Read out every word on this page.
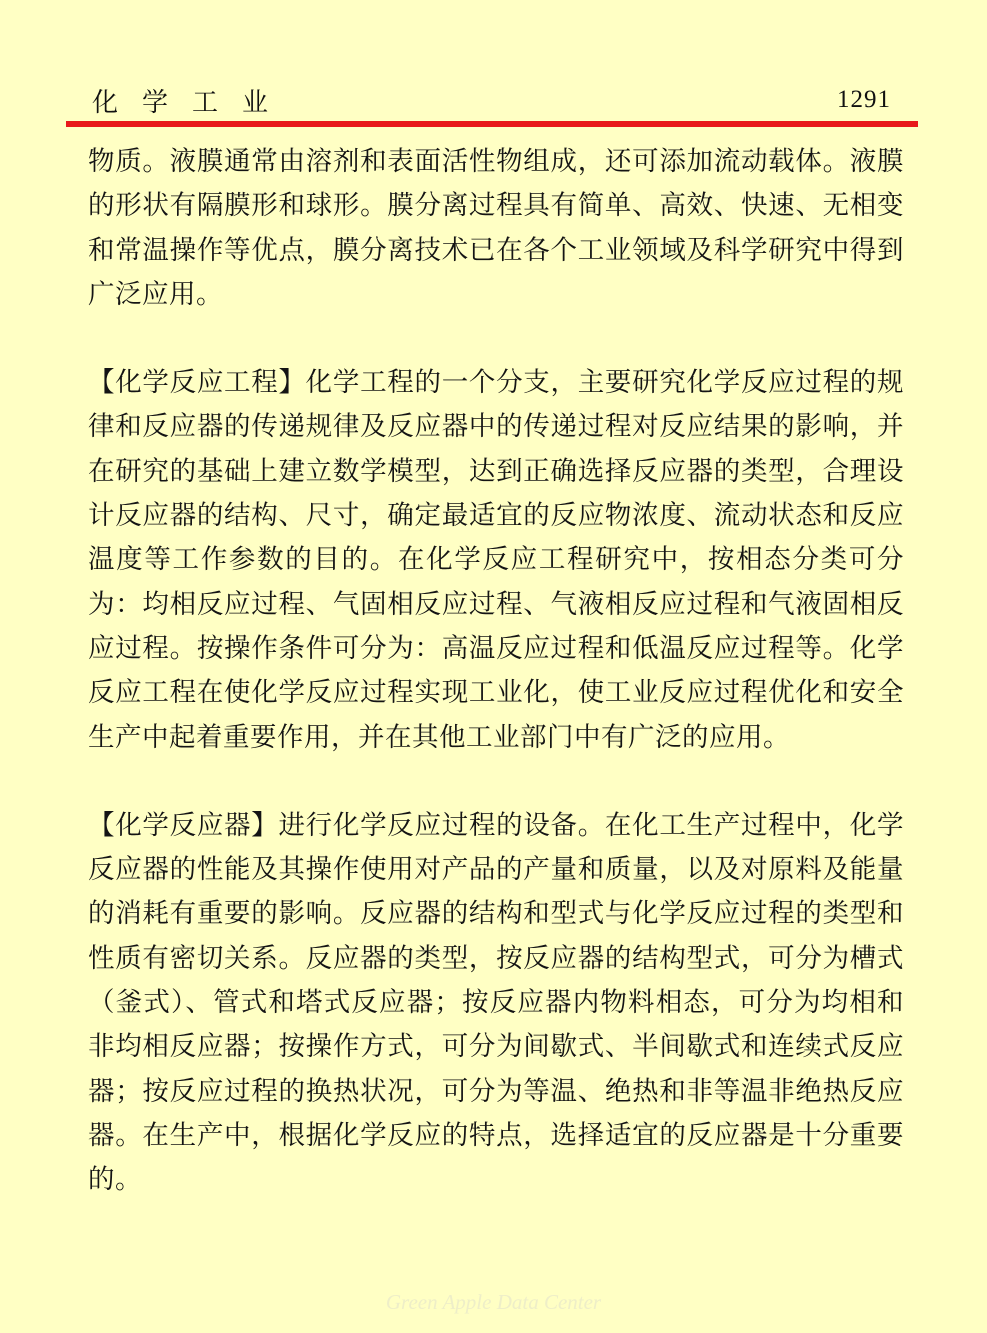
化学工业	1291

物质。液膜通常由溶剂和表面活性物组成，还可添加流动载体。液膜的形状有隔膜形和球形。膜分离过程具有简单、高效、快速、无相变和常温操作等优点，膜分离技术已在各个工业领域及科学研究中得到广泛应用。

【化学反应工程】化学工程的一个分支，主要研究化学反应过程的规律和反应器的传递规律及反应器中的传递过程对反应结果的影响，并在研究的基础上建立数学模型，达到正确选择反应器的类型，合理设计反应器的结构、尺寸，确定最适宜的反应物浓度、流动状态和反应温度等工作参数的目的。在化学反应工程研究中，按相态分类可分为：均相反应过程、气固相反应过程、气液相反应过程和气液固相反应过程。按操作条件可分为：高温反应过程和低温反应过程等。化学反应工程在使化学反应过程实现工业化，使工业反应过程优化和安全生产中起着重要作用，并在其他工业部门中有广泛的应用。

【化学反应器】进行化学反应过程的设备。在化工生产过程中，化学反应器的性能及其操作使用对产品的产量和质量，以及对原料及能量的消耗有重要的影响。反应器的结构和型式与化学反应过程的类型和性质有密切关系。反应器的类型，按反应器的结构型式，可分为槽式（釜式）、管式和塔式反应器；按反应器内物料相态，可分为均相和非均相反应器；按操作方式，可分为间歇式、半间歇式和连续式反应器；按反应过程的换热状况，可分为等温、绝热和非等温非绝热反应器。在生产中，根据化学反应的特点，选择适宜的反应器是十分重要的。

Green Apple Data Center
